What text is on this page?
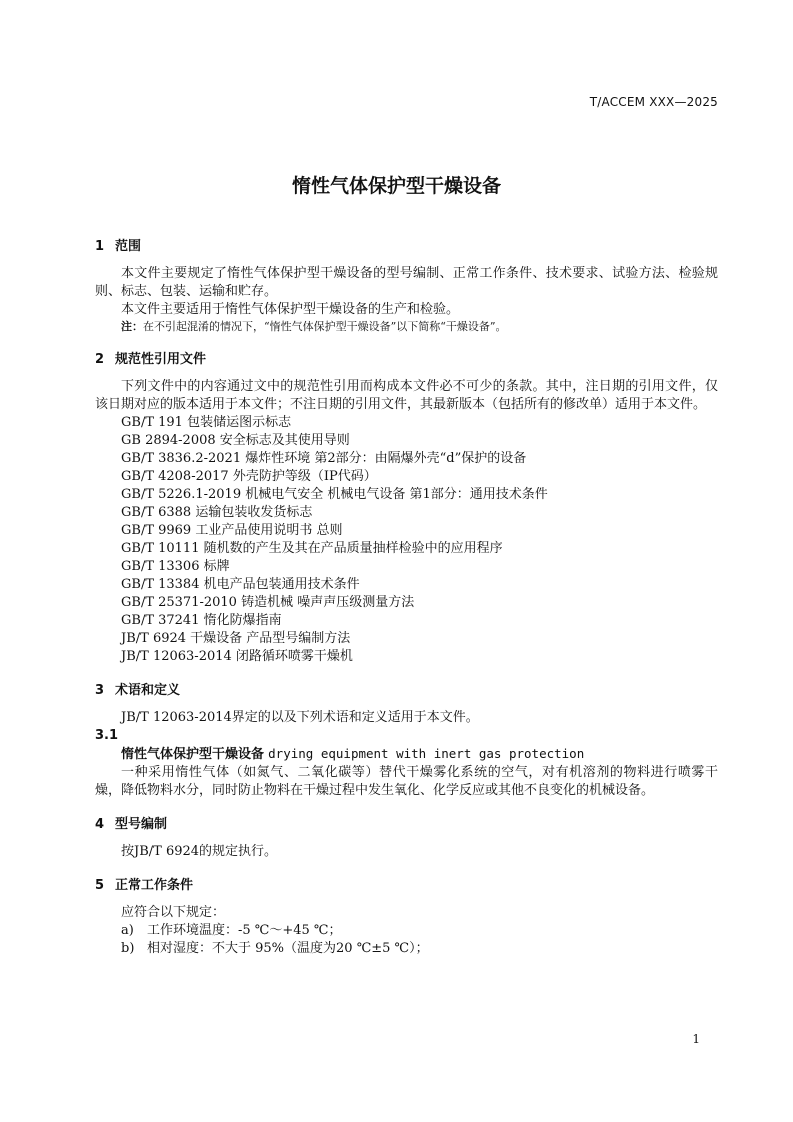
T/ACCEM XXX—2025
惰性气体保护型干燥设备
1 范围

本文件主要规定了惰性气体保护型干燥设备的型号编制、正常工作条件、技术要求、试验方法、检验规则、标志、包装、运输和贮存。

本文件主要适用于惰性气体保护型干燥设备的生产和检验。

注：在不引起混淆的情况下，“惰性气体保护型干燥设备”以下简称“干燥设备”。

2 规范性引用文件

下列文件中的内容通过文中的规范性引用而构成本文件必不可少的条款。其中，注日期的引用文件，仅该日期对应的版本适用于本文件；不注日期的引用文件，其最新版本（包括所有的修改单）适用于本文件。

GB/T 191 包装储运图示标志
GB 2894-2008 安全标志及其使用导则
GB/T 3836.2-2021 爆炸性环境 第2部分：由隔爆外壳“d”保护的设备
GB/T 4208-2017 外壳防护等级（IP代码）
GB/T 5226.1-2019 机械电气安全 机械电气设备 第1部分：通用技术条件
GB/T 6388 运输包装收发货标志
GB/T 9969 工业产品使用说明书 总则
GB/T 10111 随机数的产生及其在产品质量抽样检验中的应用程序
GB/T 13306 标牌
GB/T 13384 机电产品包装通用技术条件
GB/T 25371-2010 铸造机械 噪声声压级测量方法
GB/T 37241 惰化防爆指南
JB/T 6924 干燥设备 产品型号编制方法
JB/T 12063-2014 闭路循环喷雾干燥机
3 术语和定义

JB/T 12063-2014界定的以及下列术语和定义适用于本文件。

3.1

惰性气体保护型干燥设备 drying equipment with inert gas protection

一种采用惰性气体（如氮气、二氧化碳等）替代干燥雾化系统的空气，对有机溶剂的物料进行喷雾干燥，降低物料水分，同时防止物料在干燥过程中发生氧化、化学反应或其他不良变化的机械设备。

4 型号编制

按JB/T 6924的规定执行。

5 正常工作条件

应符合以下规定：

a)	工作环境温度：-5 ℃～+45 ℃；
b) 相对湿度：不大于 95%（温度为20 ℃±5 ℃）；
1
